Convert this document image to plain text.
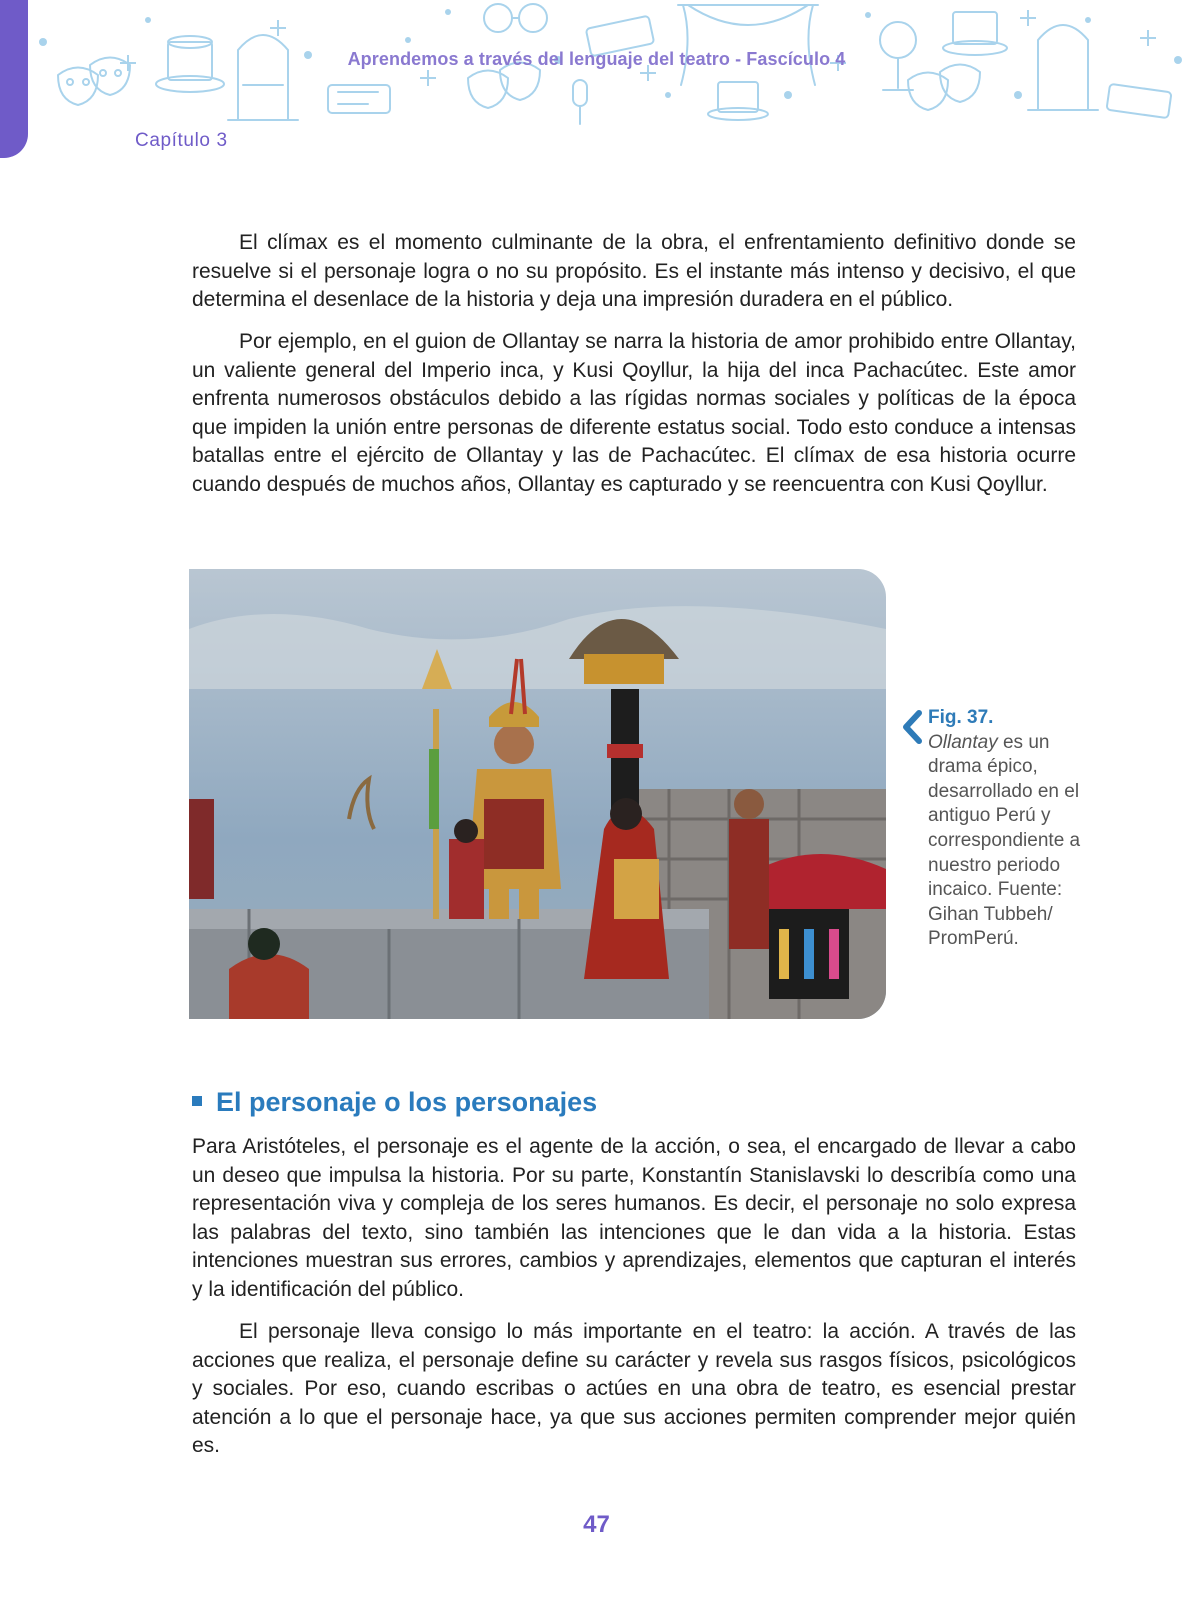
Aprendemos a través del lenguaje del teatro - Fascículo 4
Capítulo 3

El clímax es el momento culminante de la obra, el enfrentamiento definitivo donde se resuelve si el personaje logra o no su propósito. Es el instante más intenso y decisivo, el que determina el desenlace de la historia y deja una impresión duradera en el público.

Por ejemplo, en el guion de Ollantay se narra la historia de amor prohibido entre Ollantay, un valiente general del Imperio inca, y Kusi Qoyllur, la hija del inca Pachacútec. Este amor enfrenta numerosos obstáculos debido a las rígidas normas sociales y políticas de la época que impiden la unión entre personas de diferente estatus social. Todo esto conduce a intensas batallas entre el ejército de Ollantay y las de Pachacútec. El clímax de esa historia ocurre cuando después de muchos años, Ollantay es capturado y se reencuentra con Kusi Qoyllur.

Fig. 37.
Ollantay es un drama épico, desarrollado en el antiguo Perú y correspondiente a nuestro periodo incaico. Fuente: Gihan Tubbeh/ PromPerú.
El personaje o los personajes

Para Aristóteles, el personaje es el agente de la acción, o sea, el encargado de llevar a cabo un deseo que impulsa la historia. Por su parte, Konstantín Stanislavski lo describía como una representación viva y compleja de los seres humanos. Es decir, el personaje no solo expresa las palabras del texto, sino también las intenciones que le dan vida a la historia. Estas intenciones muestran sus errores, cambios y aprendizajes, elementos que capturan el interés y la identificación del público.

El personaje lleva consigo lo más importante en el teatro: la acción. A través de las acciones que realiza, el personaje define su carácter y revela sus rasgos físicos, psicológicos y sociales. Por eso, cuando escribas o actúes en una obra de teatro, es esencial prestar atención a lo que el personaje hace, ya que sus acciones permiten comprender mejor quién es.

47
